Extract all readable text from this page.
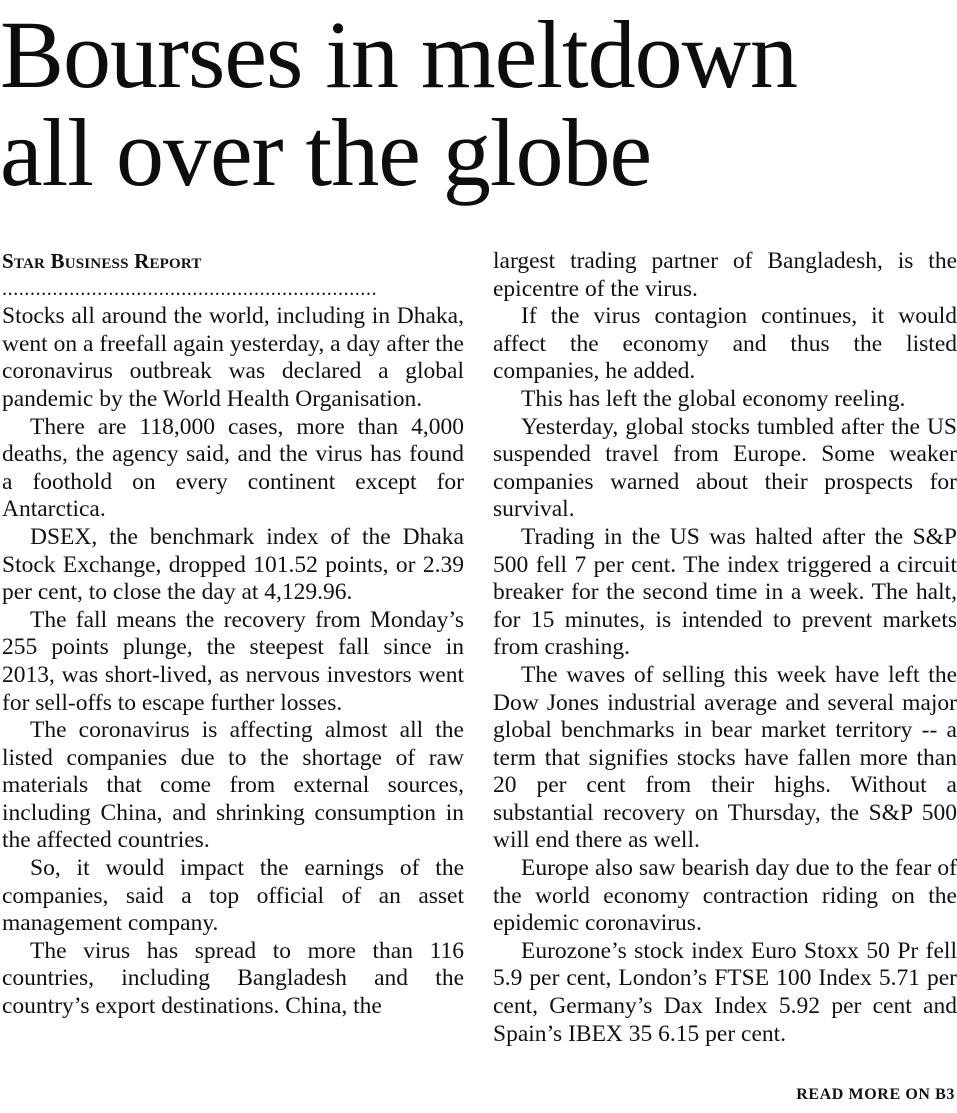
Bourses in meltdown
all over the globe

Star Business Report

...................................................................

Stocks all around the world, including in Dhaka, went on a freefall again yesterday, a day after the coronavirus outbreak was declared a global pandemic by the World Health Organisation.

There are 118,000 cases, more than 4,000 deaths, the agency said, and the virus has found a foothold on every continent except for Antarctica.

DSEX, the benchmark index of the Dhaka Stock Exchange, dropped 101.52 points, or 2.39 per cent, to close the day at 4,129.96.

The fall means the recovery from Monday’s 255 points plunge, the steepest fall since in 2013, was short-lived, as nervous investors went for sell-offs to escape further losses.

The coronavirus is affecting almost all the listed companies due to the shortage of raw materials that come from external sources, including China, and shrinking consumption in the affected countries.

So, it would impact the earnings of the companies, said a top official of an asset management company.

The virus has spread to more than 116 countries, including Bangladesh and the country’s export destinations. China, the

largest trading partner of Bangladesh, is the epicentre of the virus.

If the virus contagion continues, it would affect the economy and thus the listed companies, he added.

This has left the global economy reeling.

Yesterday, global stocks tumbled after the US suspended travel from Europe. Some weaker companies warned about their prospects for survival.

Trading in the US was halted after the S&P 500 fell 7 per cent. The index triggered a circuit breaker for the second time in a week. The halt, for 15 minutes, is intended to prevent markets from crashing.

The waves of selling this week have left the Dow Jones industrial average and several major global benchmarks in bear market territory -- a term that signifies stocks have fallen more than 20 per cent from their highs. Without a substantial recovery on Thursday, the S&P 500 will end there as well.

Europe also saw bearish day due to the fear of the world economy contraction riding on the epidemic coronavirus.

Eurozone’s stock index Euro Stoxx 50 Pr fell 5.9 per cent, London’s FTSE 100 Index 5.71 per cent, Germany’s Dax Index 5.92 per cent and Spain’s IBEX 35 6.15 per cent.

READ MORE ON B3
